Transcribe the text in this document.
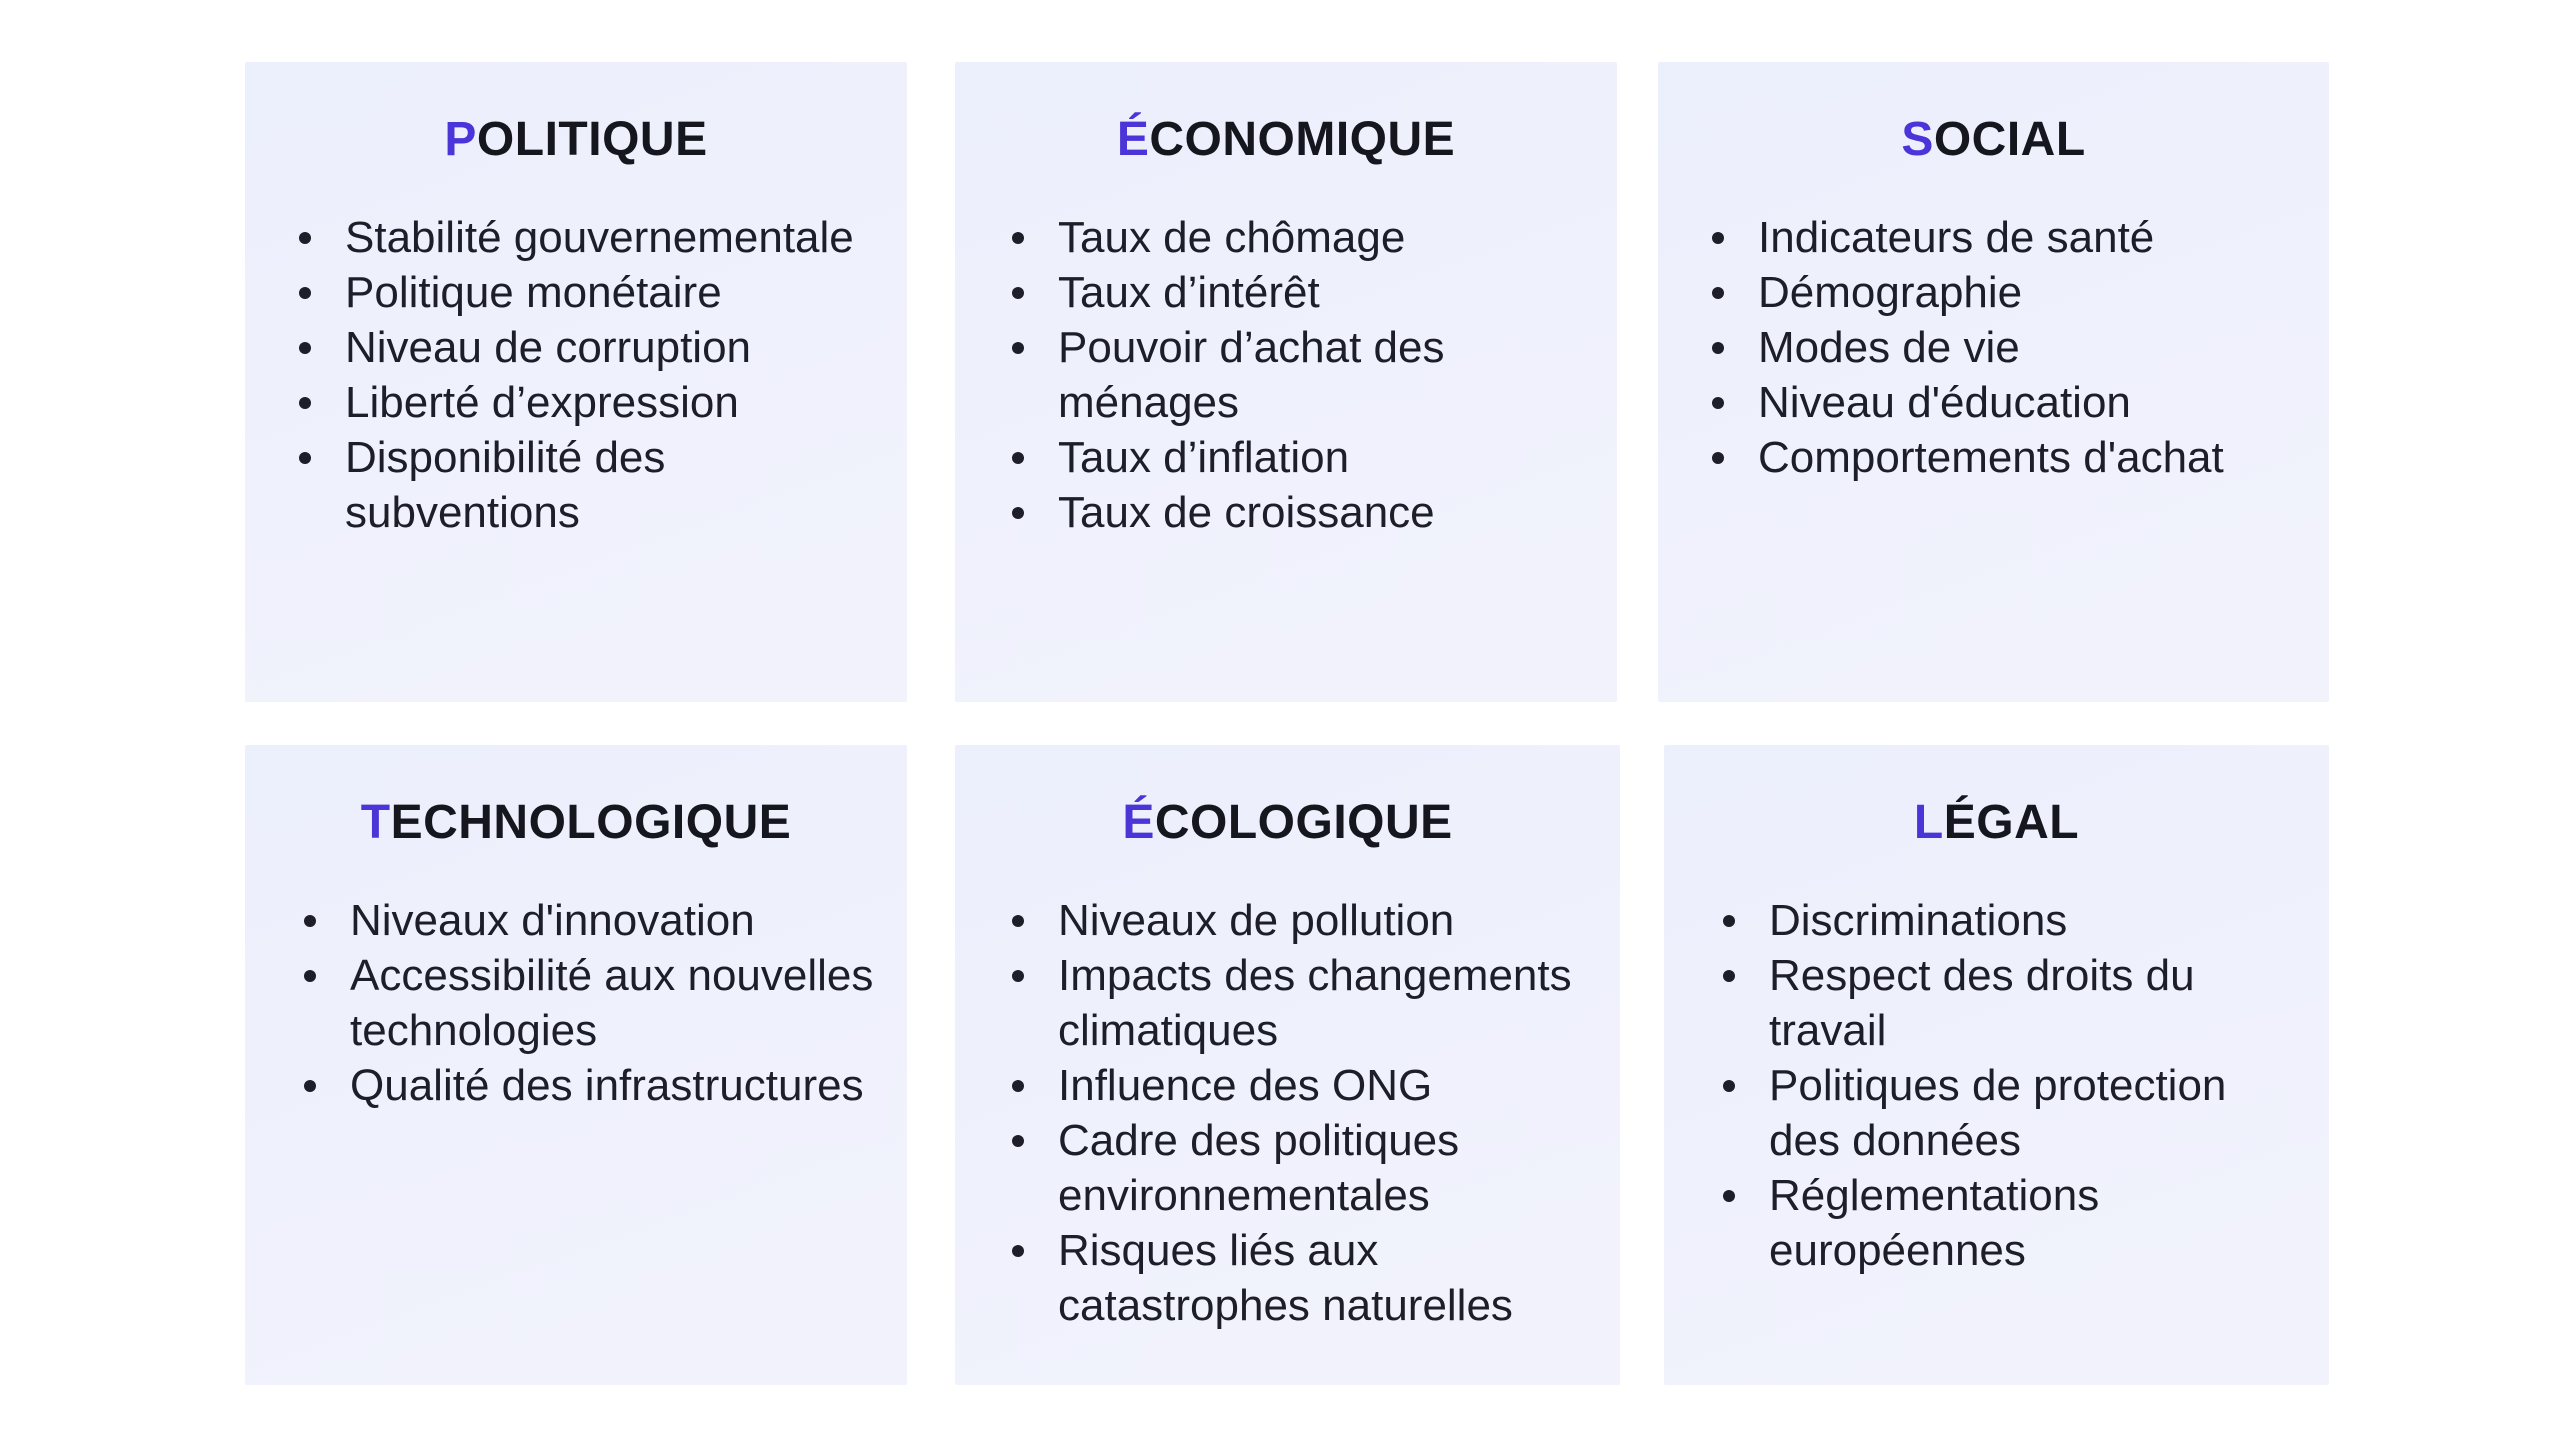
POLITIQUE
Stabilité gouvernementale
Politique monétaire
Niveau de corruption
Liberté d’expression
Disponibilité des subventions
ÉCONOMIQUE
Taux de chômage
Taux d’intérêt
Pouvoir d’achat des ménages
Taux d’inflation
Taux de croissance
SOCIAL
Indicateurs de santé
Démographie
Modes de vie
Niveau d'éducation
Comportements d'achat
TECHNOLOGIQUE
Niveaux d'innovation
Accessibilité aux nouvelles technologies
Qualité des infrastructures
ÉCOLOGIQUE
Niveaux de pollution
Impacts des changements climatiques
Influence des ONG
Cadre des politiques environnementales
Risques liés aux catastrophes naturelles
LÉGAL
Discriminations
Respect des droits du travail
Politiques de protection des données
Réglementations européennes
